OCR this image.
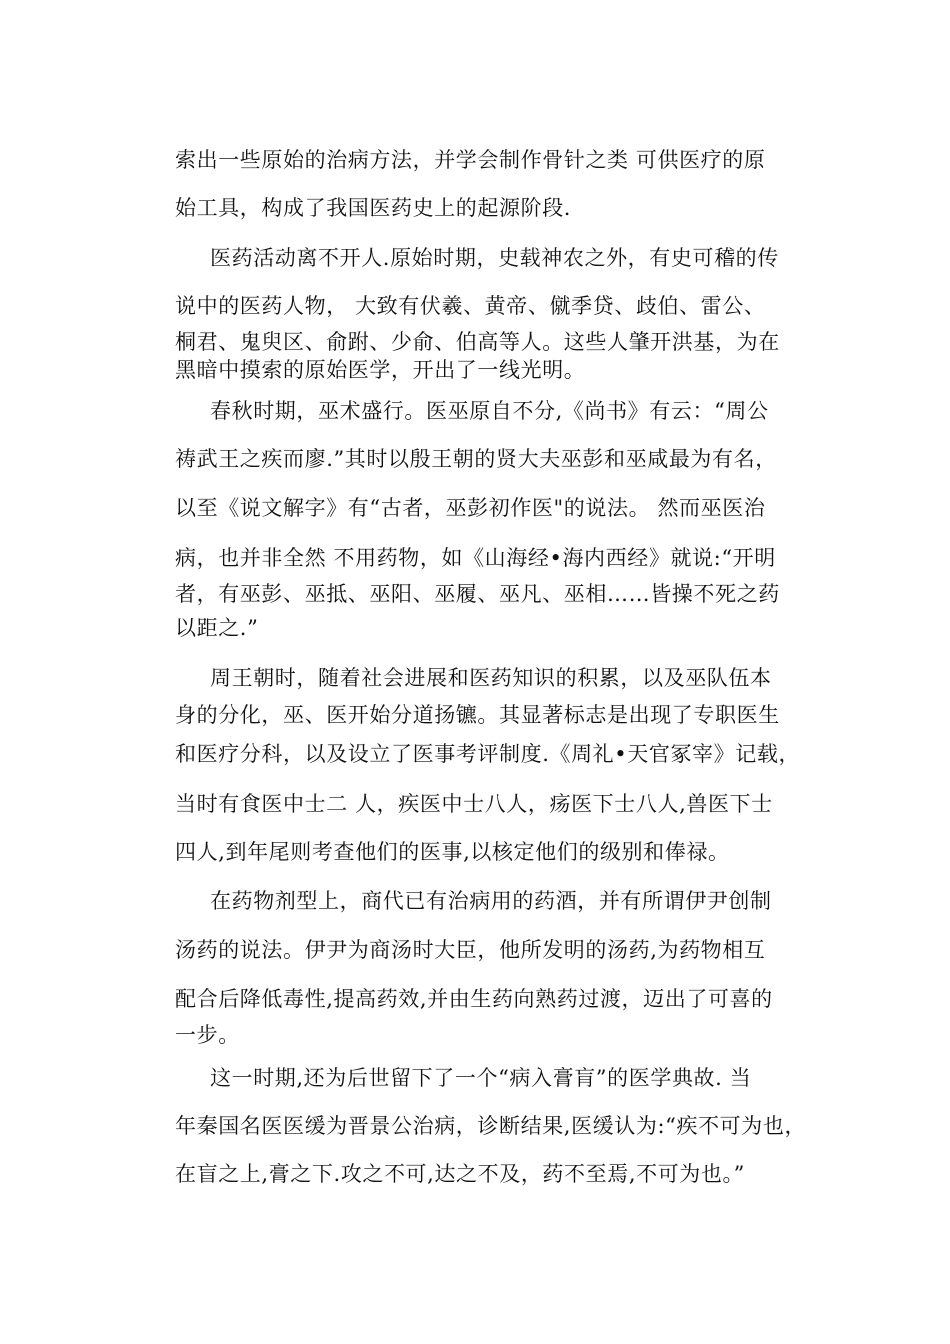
索出一些原始的治病方法，并学会制作骨针之类 可供医疗的原
始工具，构成了我国医药史上的起源阶段.
医药活动离不开人.原始时期，史载神农之外，有史可稽的传
说中的医药人物， 大致有伏羲、黄帝、僦季贷、歧伯、雷公、
桐君、鬼臾区、俞跗、少俞、伯高等人。这些人肇开洪基，为在
黑暗中摸索的原始医学，开出了一线光明。
春秋时期，巫术盛行。医巫原自不分,《尚书》有云：“周公
祷武王之疾而廖.”其时以殷王朝的贤大夫巫彭和巫咸最为有名，
以至《说文解字》有“古者，巫彭初作医"的说法。 然而巫医治
病，也并非全然 不用药物，如《山海经•海内西经》就说:“开明
者，有巫彭、巫抵、巫阳、巫履、巫凡、巫相……皆操不死之药
以距之.”
周王朝时，随着社会进展和医药知识的积累，以及巫队伍本
身的分化，巫、医开始分道扬镳。其显著标志是出现了专职医生
和医疗分科，以及设立了医事考评制度.《周礼•天官冢宰》记载，
当时有食医中士二 人，疾医中士八人，疡医下士八人,兽医下士
四人,到年尾则考查他们的医事,以核定他们的级别和俸禄。
在药物剂型上，商代已有治病用的药酒，并有所谓伊尹创制
汤药的说法。伊尹为商汤时大臣，他所发明的汤药,为药物相互
配合后降低毒性,提高药效,并由生药向熟药过渡，迈出了可喜的
一步。
这一时期,还为后世留下了一个“病入膏肓”的医学典故. 当
年秦国名医医缓为晋景公治病，诊断结果,医缓认为:“疾不可为也，
在盲之上,膏之下.攻之不可,达之不及，药不至焉,不可为也。”
